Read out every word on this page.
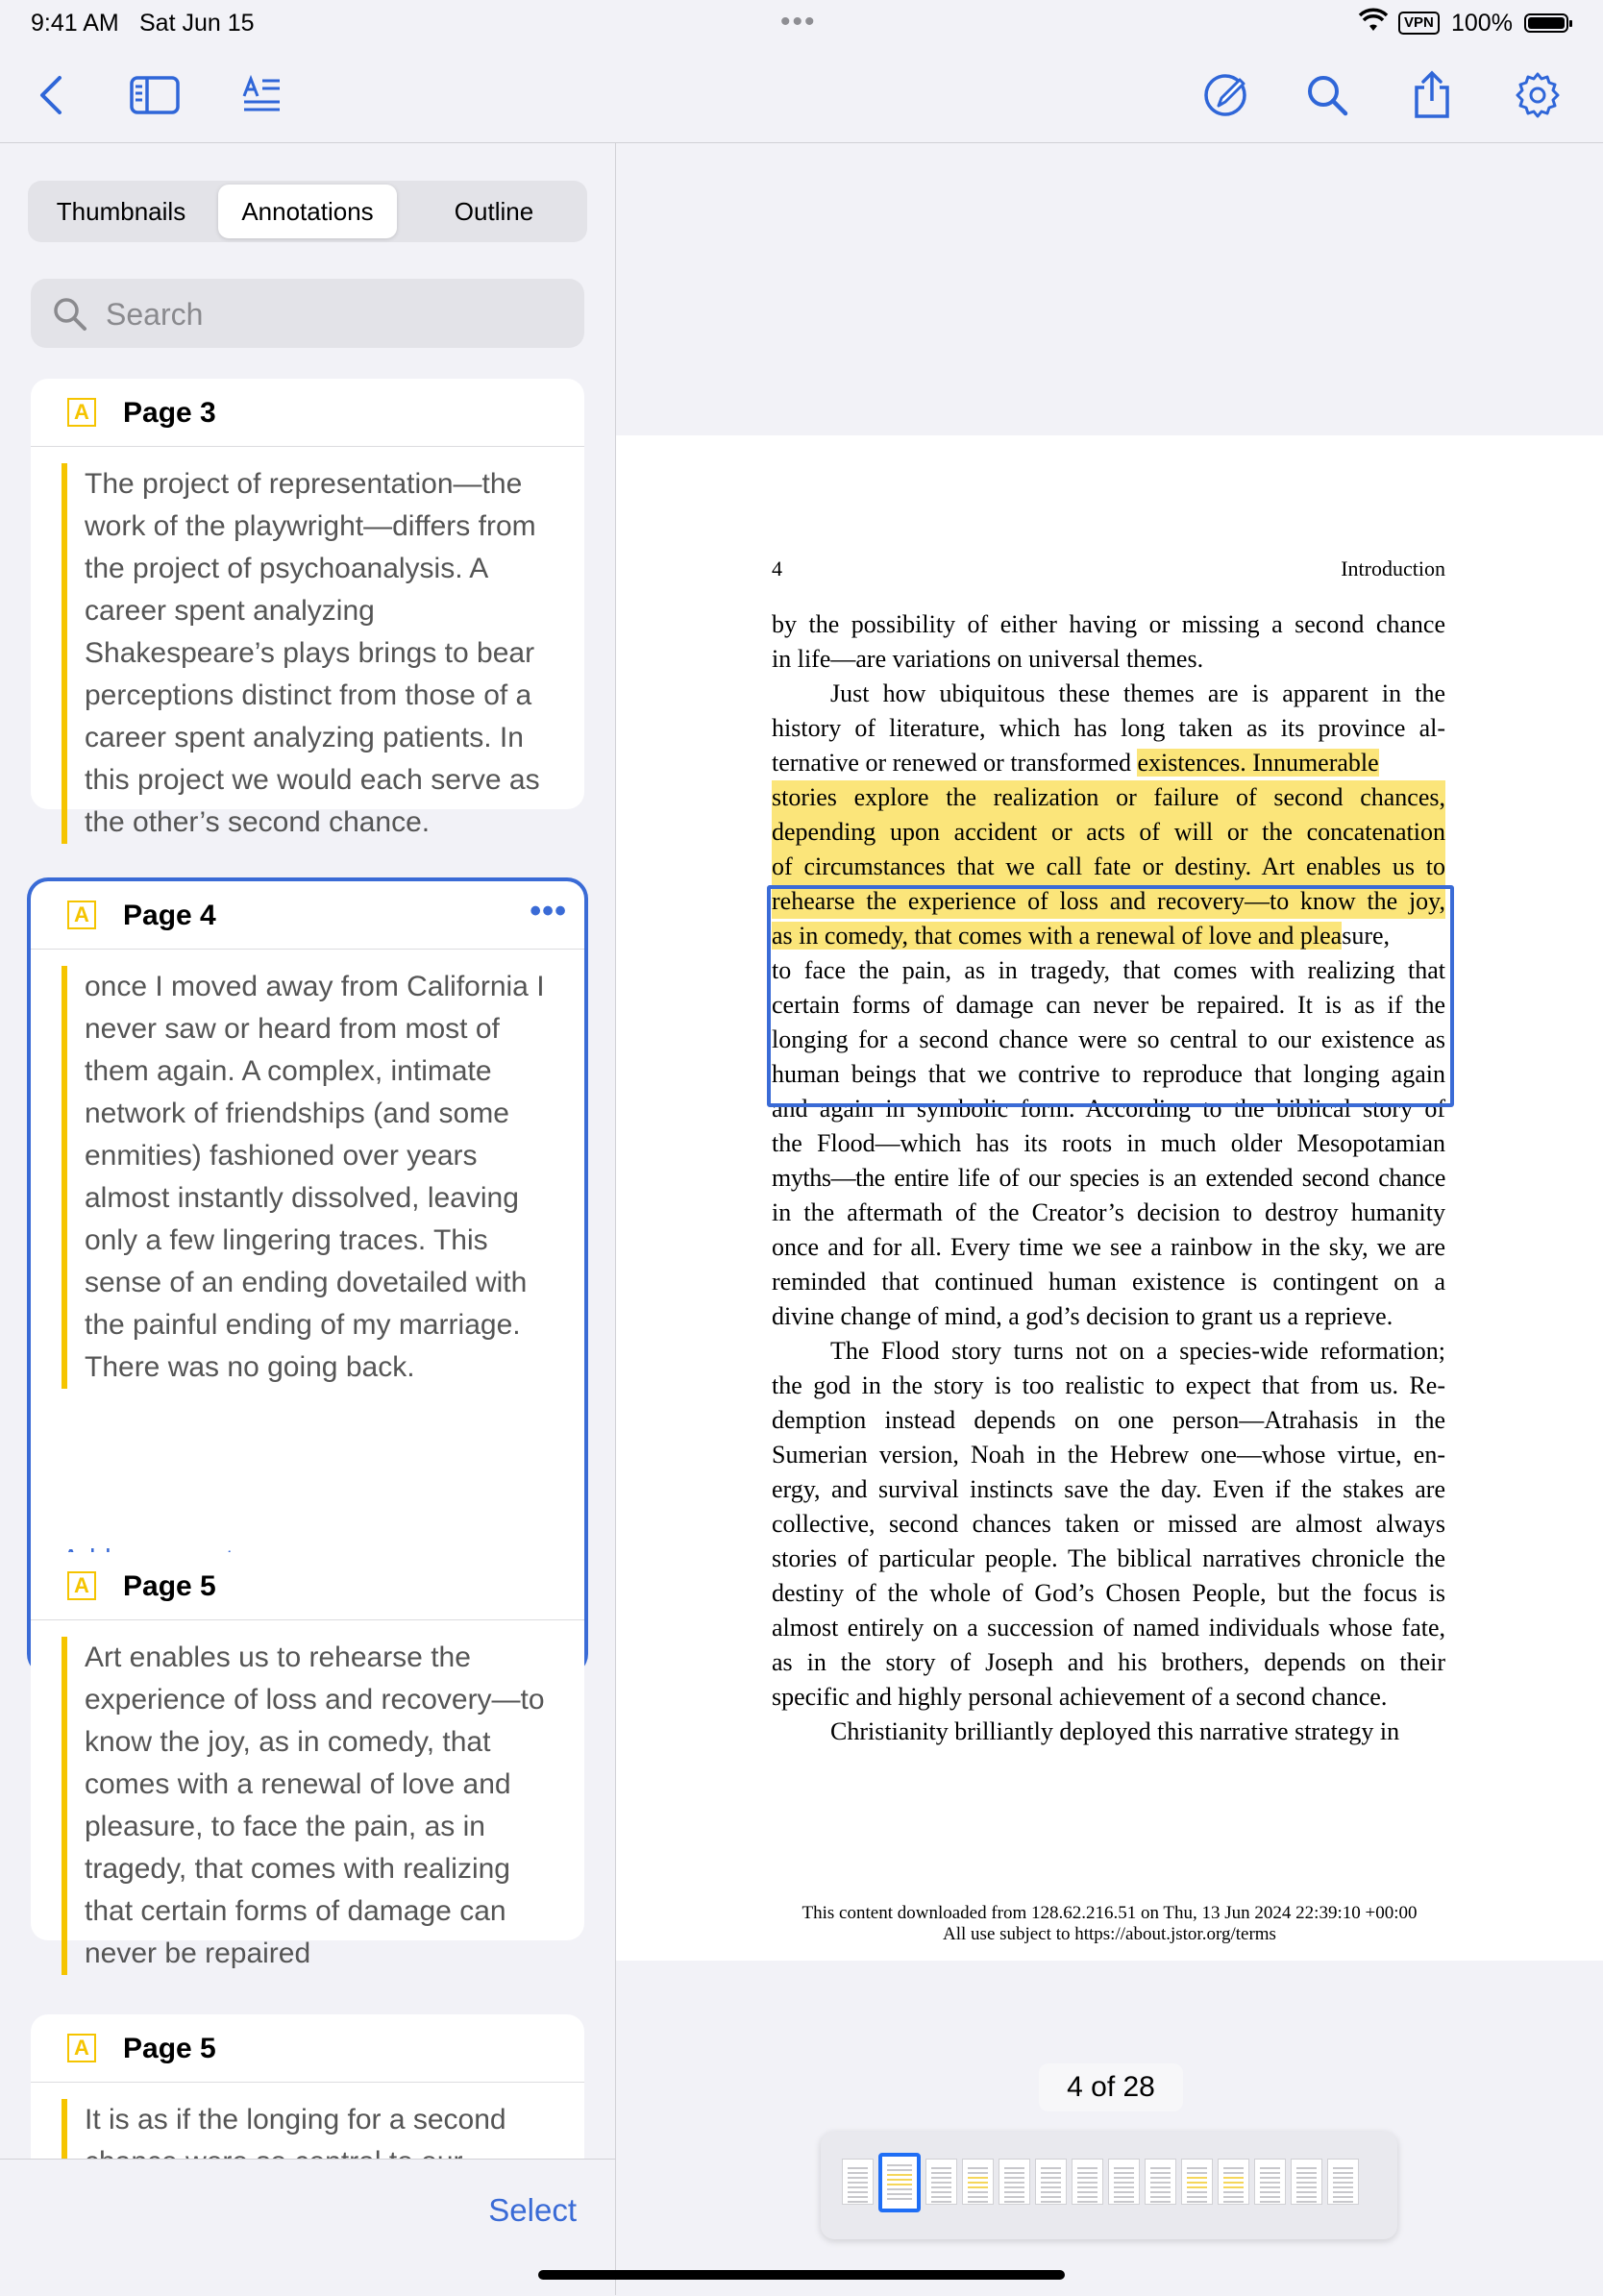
9:41 AM Sat Jun 15	•••	VPN 100%
Thumbnails	Annotations	Outline
Search
A Page 3
The project of representation—the
work of the playwright—differs from
the project of psychoanalysis. A
career spent analyzing
Shakespeare’s plays brings to bear
perceptions distinct from those of a
career spent analyzing patients. In
this project we would each serve as
the other’s second chance.
A Page 4	•••
once I moved away from California I
never saw or heard from most of
them again. A complex, intimate
network of friendships (and some
enmities) fashioned over years
almost instantly dissolved, leaving
only a few lingering traces. This
sense of an ending dovetailed with
the painful ending of my marriage.
There was no going back.
A Page 5
Art enables us to rehearse the
experience of loss and recovery—to
know the joy, as in comedy, that
comes with a renewal of love and
pleasure, to face the pain, as in
tragedy, that comes with realizing
that certain forms of damage can
never be repaired
A Page 5
It is as if the longing for a second
Select
4	Introduction
by the possibility of either having or missing a second chance
in life—are variations on universal themes.
Just how ubiquitous these themes are is apparent in the
history of literature, which has long taken as its province al-
ternative or renewed or transformed existences. Innumerable
stories explore the realization or failure of second chances,
depending upon accident or acts of will or the concatenation
of circumstances that we call fate or destiny. Art enables us to
rehearse the experience of loss and recovery—to know the joy,
as in comedy, that comes with a renewal of love and pleasure,
to face the pain, as in tragedy, that comes with realizing that
certain forms of damage can never be repaired. It is as if the
longing for a second chance were so central to our existence as
human beings that we contrive to reproduce that longing again
and again in symbolic form. According to the biblical story of
the Flood—which has its roots in much older Mesopotamian
myths—the entire life of our species is an extended second chance
in the aftermath of the Creator’s decision to destroy humanity
once and for all. Every time we see a rainbow in the sky, we are
reminded that continued human existence is contingent on a
divine change of mind, a god’s decision to grant us a reprieve.
The Flood story turns not on a species-wide reformation;
the god in the story is too realistic to expect that from us. Re-
demption instead depends on one person—Atrahasis in the
Sumerian version, Noah in the Hebrew one—whose virtue, en-
ergy, and survival instincts save the day. Even if the stakes are
collective, second chances taken or missed are almost always
stories of particular people. The biblical narratives chronicle the
destiny of the whole of God’s Chosen People, but the focus is
almost entirely on a succession of named individuals whose fate,
as in the story of Joseph and his brothers, depends on their
specific and highly personal achievement of a second chance.
Christianity brilliantly deployed this narrative strategy in
This content downloaded from 128.62.216.51 on Thu, 13 Jun 2024 22:39:10 +00:00
All use subject to https://about.jstor.org/terms
4 of 28
